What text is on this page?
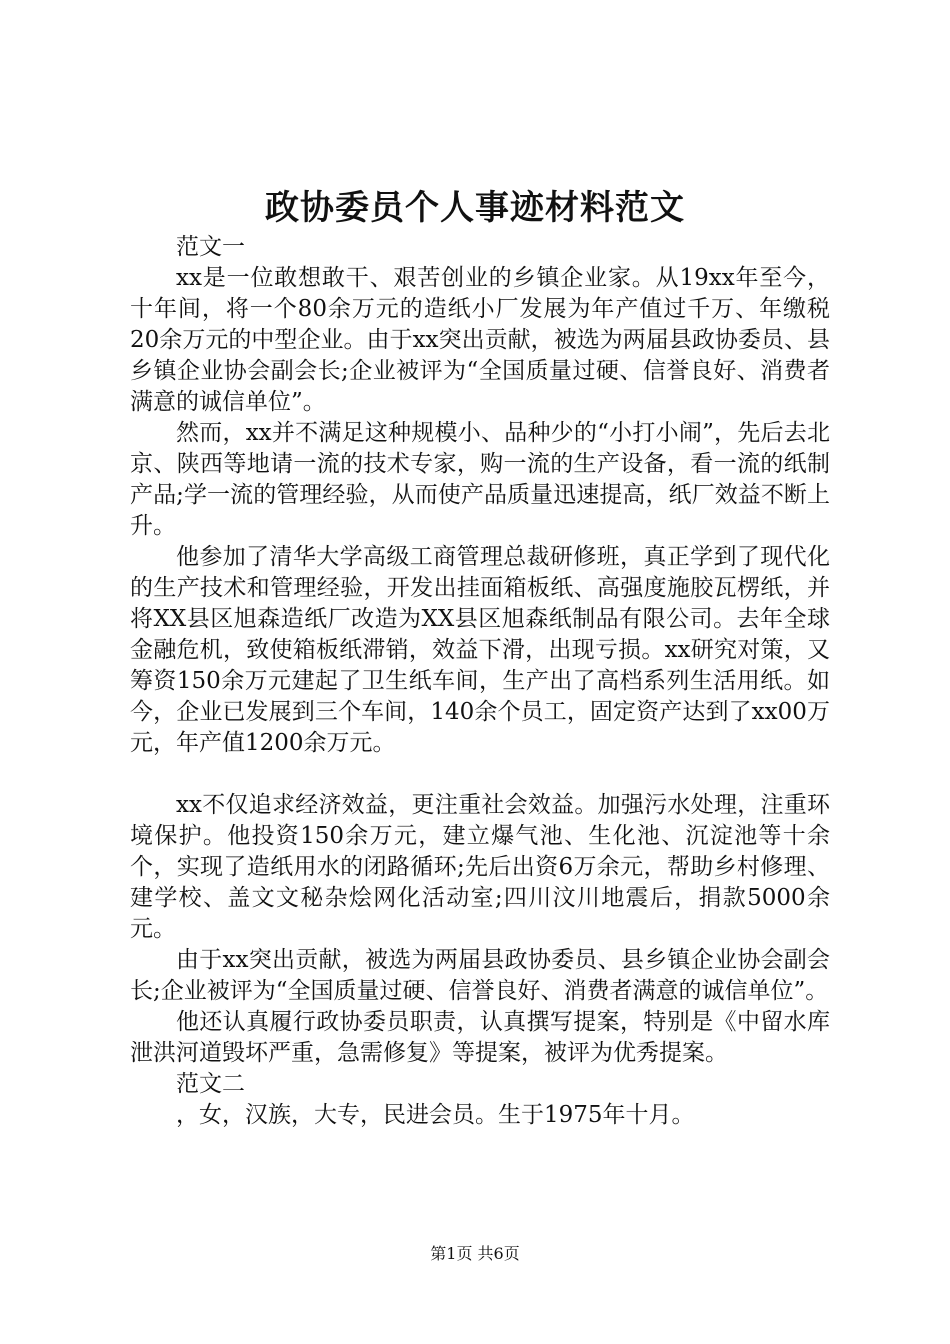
政协委员个人事迹材料范文

范文一

xx是一位敢想敢干、艰苦创业的乡镇企业家。从19xx年至今，十年间，将一个80余万元的造纸小厂发展为年产值过千万、年缴税20余万元的中型企业。由于xx突出贡献，被选为两届县政协委员、县乡镇企业协会副会长;企业被评为“全国质量过硬、信誉良好、消费者满意的诚信单位”。

然而，xx并不满足这种规模小、品种少的“小打小闹”，先后去北京、陕西等地请一流的技术专家，购一流的生产设备，看一流的纸制产品;学一流的管理经验，从而使产品质量迅速提高，纸厂效益不断上升。

他参加了清华大学高级工商管理总裁研修班，真正学到了现代化的生产技术和管理经验，开发出挂面箱板纸、高强度施胶瓦楞纸，并将XX县区旭森造纸厂改造为XX县区旭森纸制品有限公司。去年全球金融危机，致使箱板纸滞销，效益下滑，出现亏损。xx研究对策，又筹资150余万元建起了卫生纸车间，生产出了高档系列生活用纸。如今，企业已发展到三个车间，140余个员工，固定资产达到了xx00万元，年产值1200余万元。

xx不仅追求经济效益，更注重社会效益。加强污水处理，注重环境保护。他投资150余万元，建立爆气池、生化池、沉淀池等十余个，实现了造纸用水的闭路循环;先后出资6万余元，帮助乡村修理、建学校、盖文文秘杂烩网化活动室;四川汶川地震后，捐款5000余元。

由于xx突出贡献，被选为两届县政协委员、县乡镇企业协会副会长;企业被评为“全国质量过硬、信誉良好、消费者满意的诚信单位”。

他还认真履行政协委员职责，认真撰写提案，特别是《中留水库泄洪河道毁坏严重，急需修复》等提案，被评为优秀提案。

范文二

，女，汉族，大专，民进会员。生于1975年十月。

第1页 共6页
